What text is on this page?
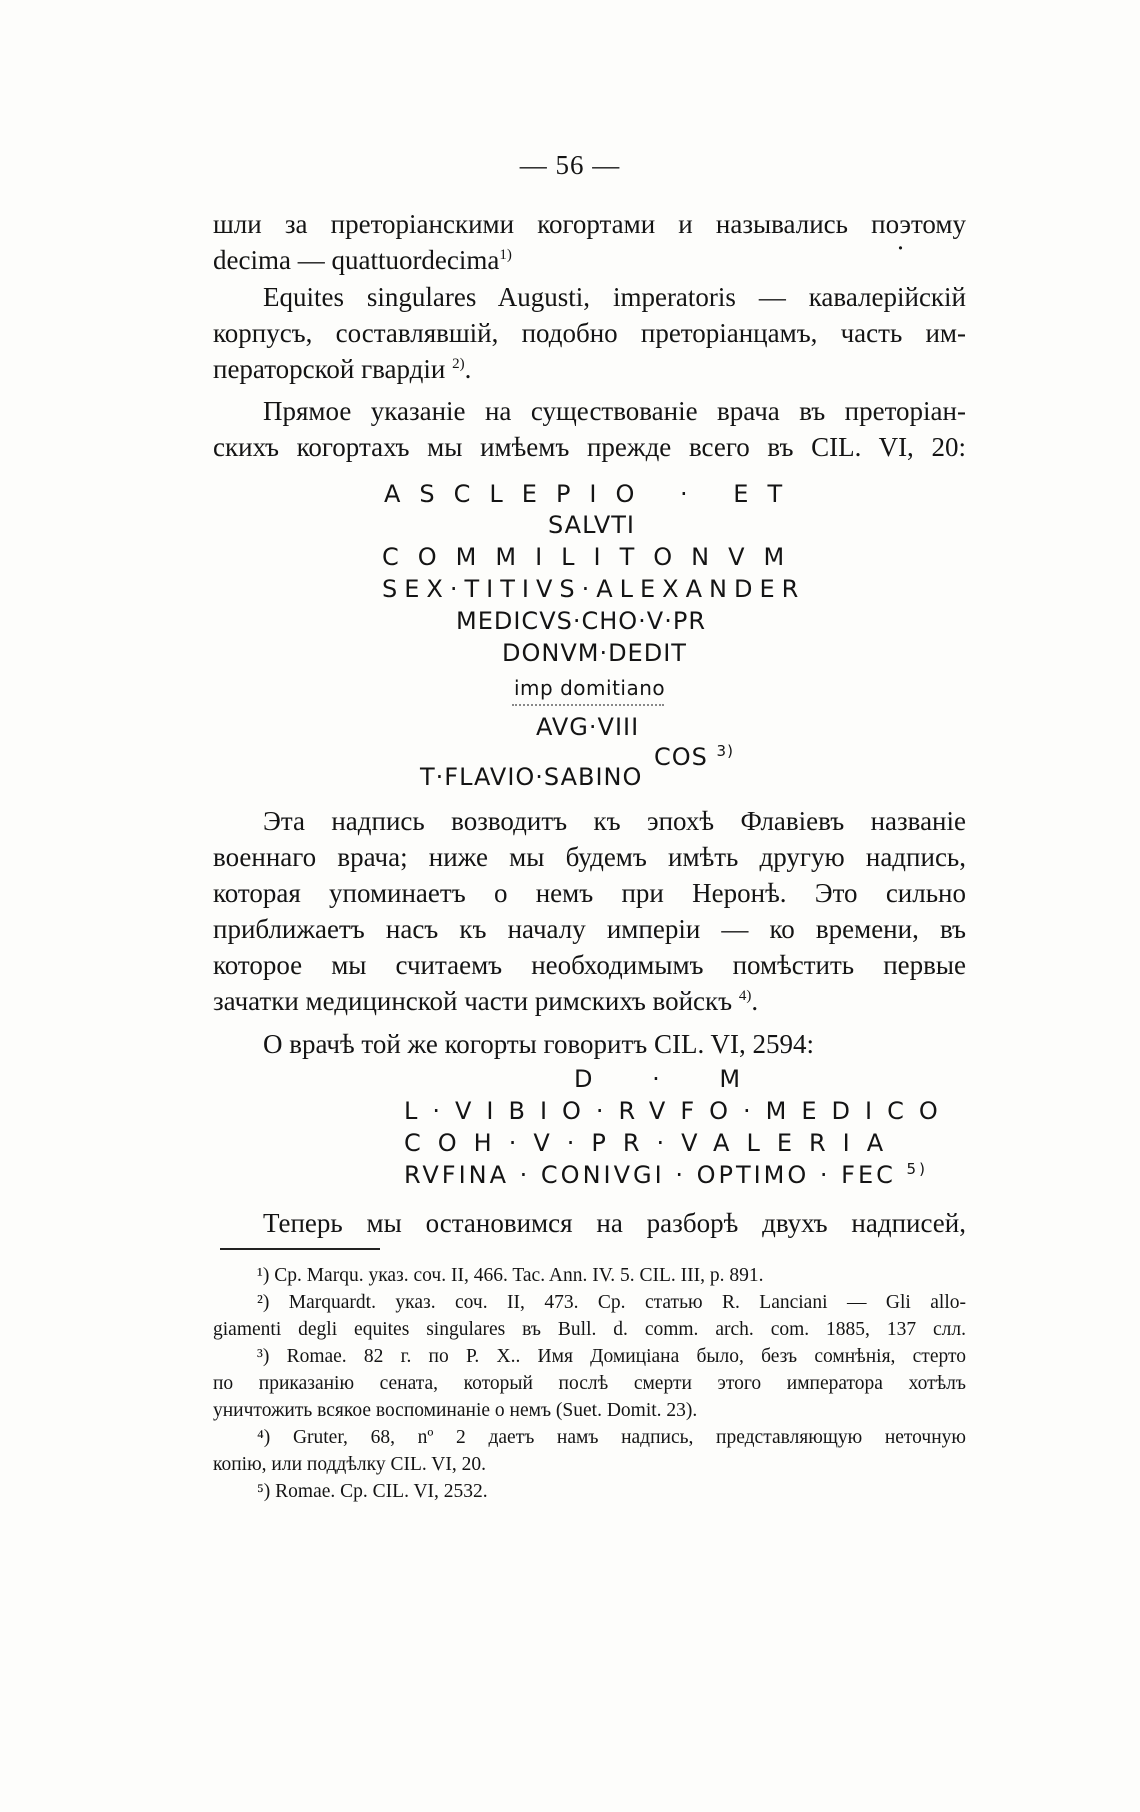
— 56 —
шли за преторіанскими когортами и назывались поэтому
decima — quattuordecima$^{1)}$	·
Equites singulares Augusti, imperatoris — кавалерійскій
корпусъ, составлявшій, подобно преторіанцамъ, часть им-
ператорской гвардіи $^{2)}$.
Прямое указаніе на существованіе врача въ преторіан-
скихъ когортахъ мы имѣемъ прежде всего въ CIL. VI, 20:
ASCLEPIO · ET
SALVTI
COMMILITONVM
SEX·TITIVS·ALEXANDER
MEDICVS·CHO·V·PR
DONVM·DEDIT
imp domitiano
AVG·VIII
COS $^{3)}$
T·FLAVIO·SABINO
Эта надпись возводитъ къ эпохѣ Флавіевъ названіе
военнаго врача; ниже мы будемъ имѣть другую надпись,
которая упоминаетъ о немъ при Неронѣ. Это сильно
приближаетъ насъ къ началу имперіи — ко времени, въ
которое мы считаемъ необходимымъ помѣстить первые
зачатки медицинской части римскихъ войскъ $^{4)}$.
О врачѣ той же когорты говоритъ CIL. VI, 2594:
D · M
L·VIBIO·RVFO·MEDICO
COH·V·PR·VALERIA
RVFINA · CONIVGI · OPTIMO · FEC $^{5)}$
Теперь мы остановимся на разборѣ двухъ надписей,
¹) Cp. Marqu. указ. соч. II, 466. Tac. Ann. IV. 5. CIL. III, p. 891.
²) Marquardt. указ. соч. II, 473. Ср. статью R. Lanciani — Gli allo-
giamenti degli equites singulares въ Bull. d. comm. arch. com. 1885, 137 слл.
³) Romae. 82 г. по Р. Х.. Имя Домиціана было, безъ сомнѣнія, стерто
по приказанію сената, который послѣ смерти этого императора хотѣлъ
уничтожить всякое воспоминаніе о немъ (Suet. Domit. 23).
⁴) Gruter, 68, nº 2 даетъ намъ надпись, представляющую неточную
копію, или поддѣлку CIL. VI, 20.
⁵) Romae. Ср. CIL. VI, 2532.
